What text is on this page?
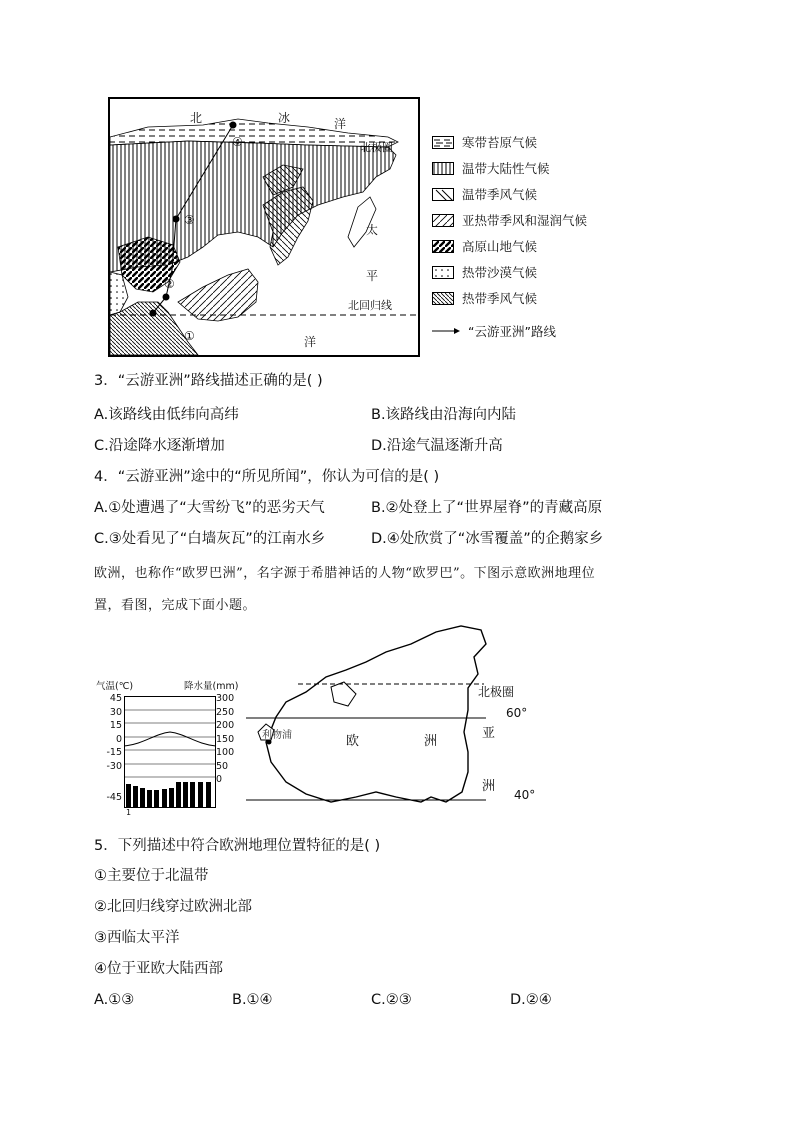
北	冰	洋
北极圈
太
平
北回归线
洋
①
②
③
④	寒带苔原气候
温带大陆性气候
温带季风气候
亚热带季风和湿润气候
高原山地气候
热带沙漠气候
热带季风气候
“云游亚洲”路线
3．“云游亚洲”路线描述正确的是( )
A.该路线由低纬向高纬	B.该路线由沿海向内陆
C.沿途降水逐渐增加	D.沿途气温逐渐升高
4．“云游亚洲”途中的“所见所闻”，你认为可信的是( )
A.①处遭遇了“大雪纷飞”的恶劣天气	B.②处登上了“世界屋脊”的青藏高原
C.③处看见了“白墙灰瓦”的江南水乡	D.④处欣赏了“冰雪覆盖”的企鹅家乡
欧洲，也称作“欧罗巴洲”，名字源于希腊神话的人物“欧罗巴”。下图示意欧洲地理位
置，看图，完成下面小题。
气温(℃)	降水量(mm)
45
30
15
0
-15
-30
-45
300
250
200
150
100
50
0
1
北极圈
60°
40°
利物浦	欧	洲
亚
洲
5．下列描述中符合欧洲地理位置特征的是( )
①主要位于北温带
②北回归线穿过欧洲北部
③西临太平洋
④位于亚欧大陆西部
A.①③	B.①④	C.②③	D.②④
